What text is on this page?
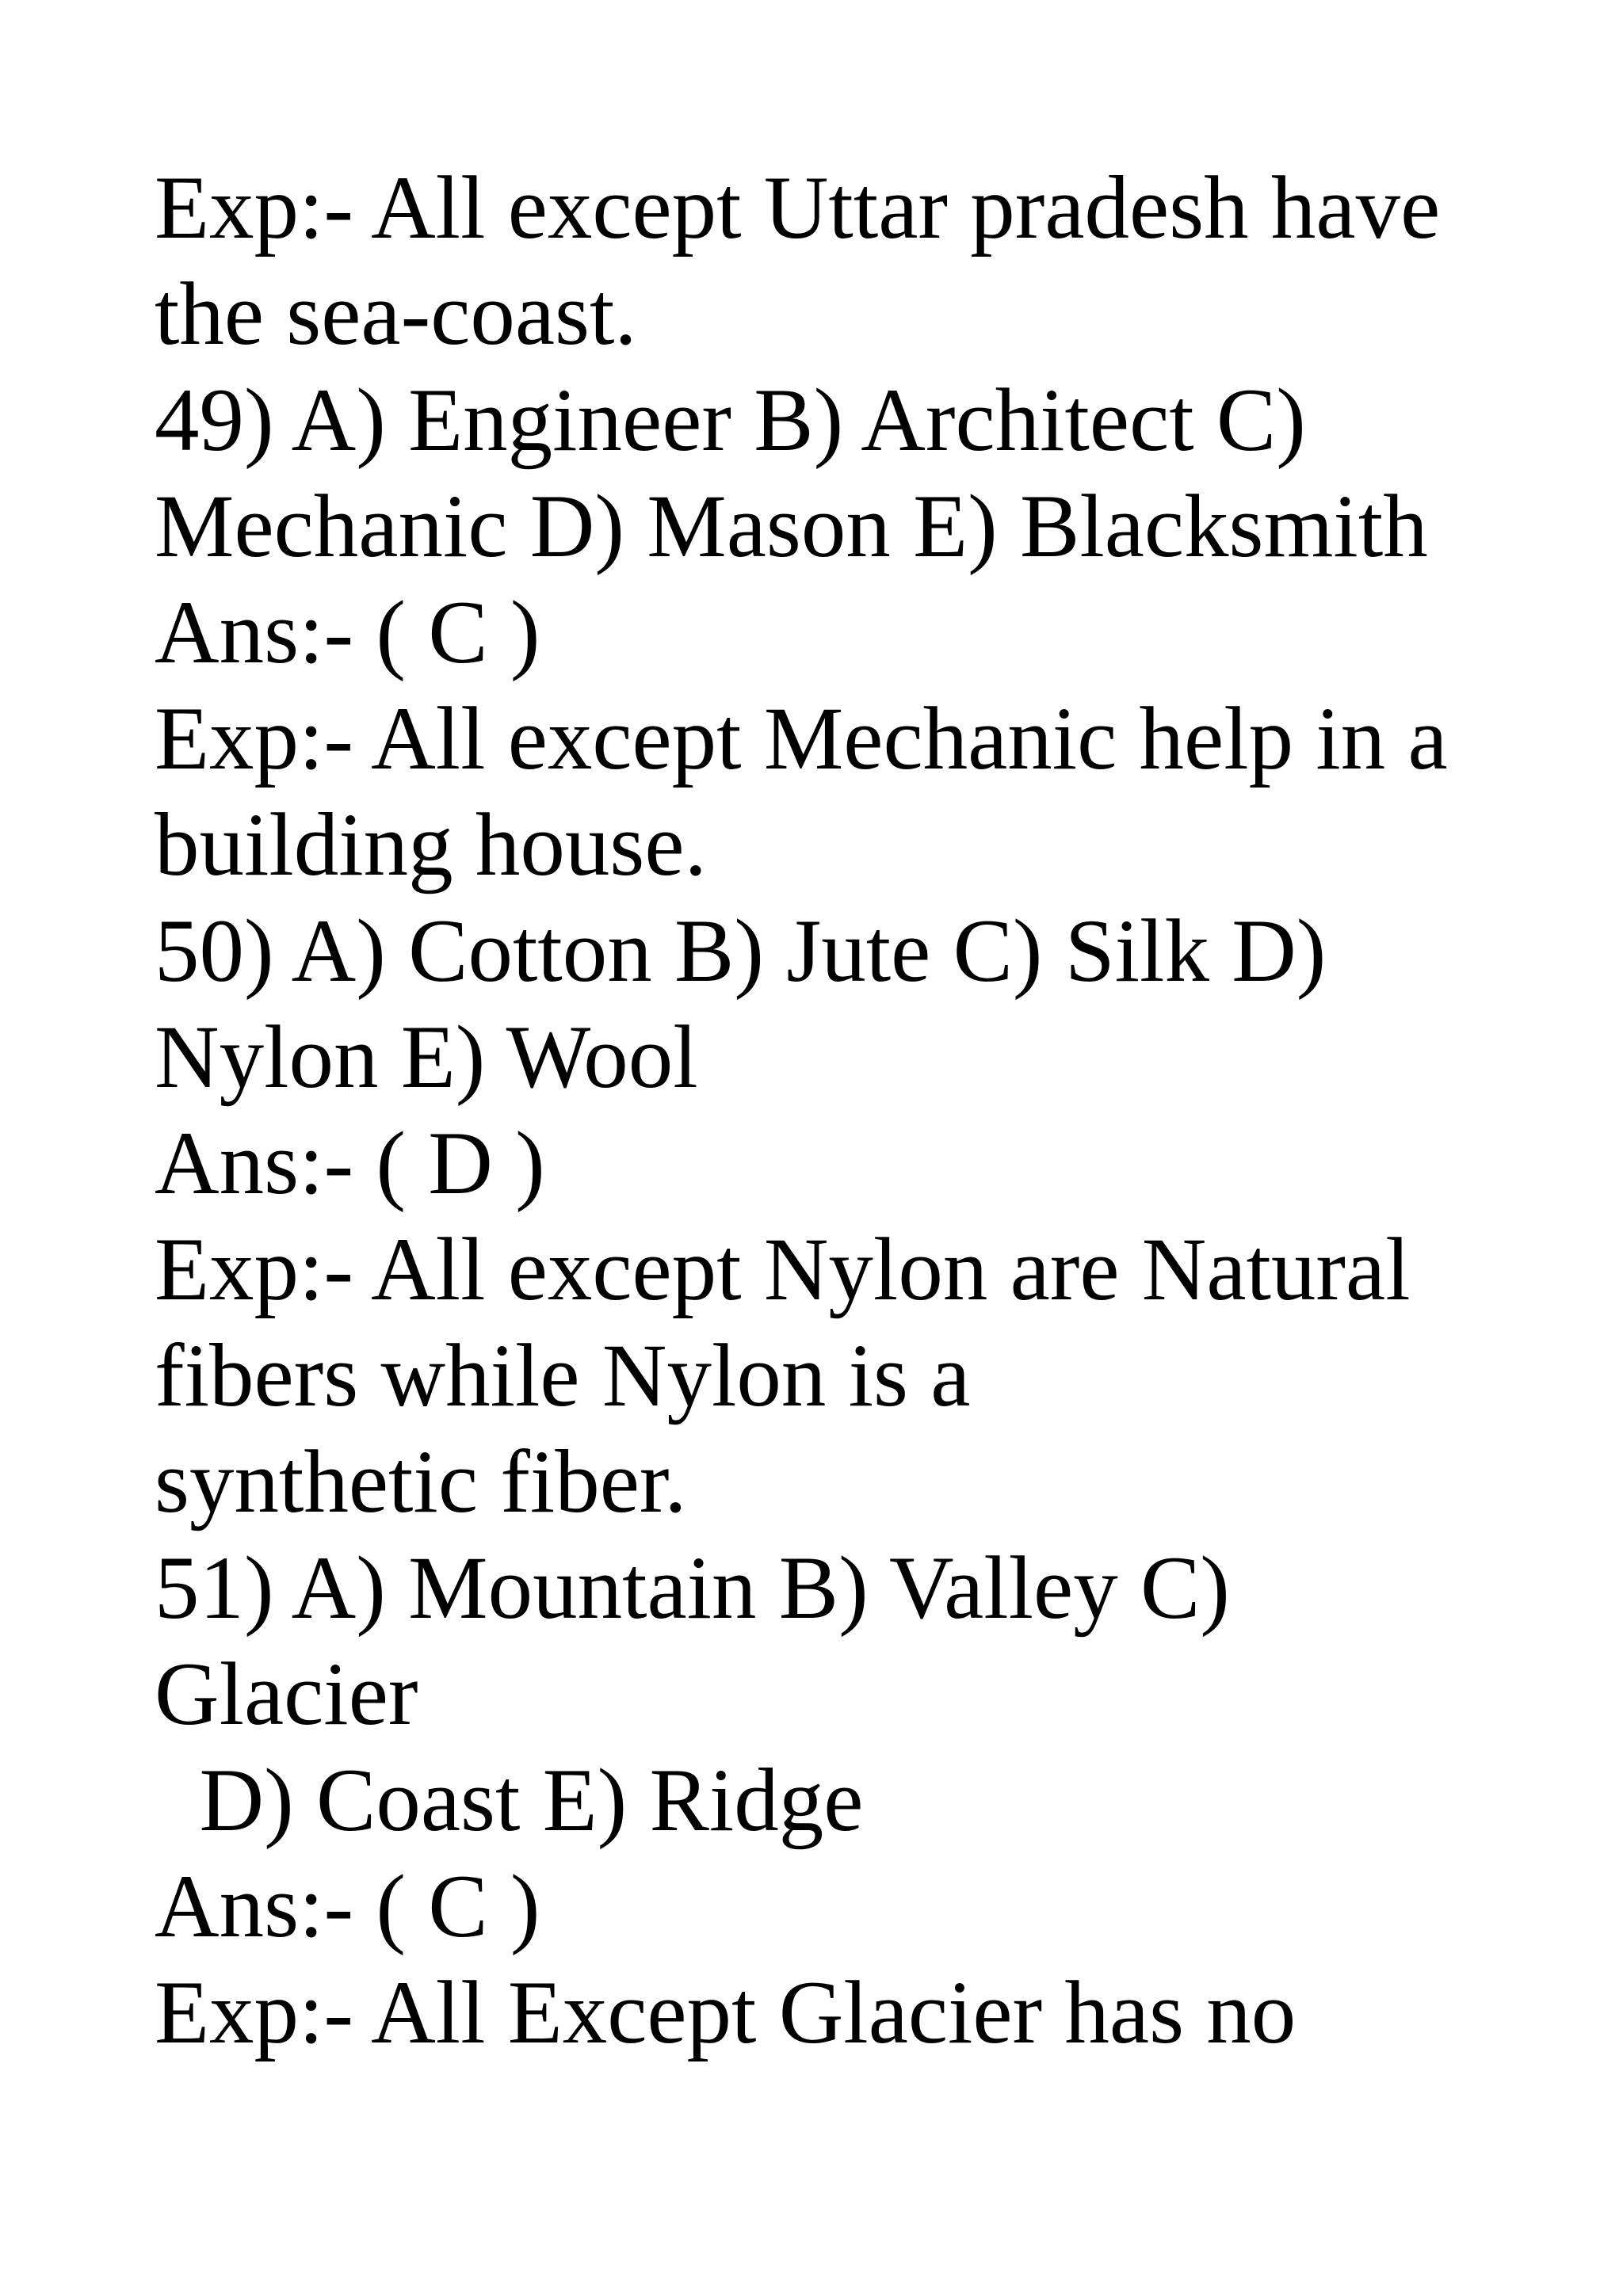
Exp:- All except Uttar pradesh have
the sea-coast.
49) A) Engineer B) Architect C)
Mechanic D) Mason E) Blacksmith
Ans:- ( C )
Exp:- All except Mechanic help in a
building house.
50) A) Cotton B) Jute C) Silk D)
Nylon E) Wool
Ans:- ( D )
Exp:- All except Nylon are Natural
fibers while Nylon is a
synthetic fiber.
51) A) Mountain B) Valley C)
Glacier
D) Coast E) Ridge
Ans:- ( C )
Exp:- All Except Glacier has no
